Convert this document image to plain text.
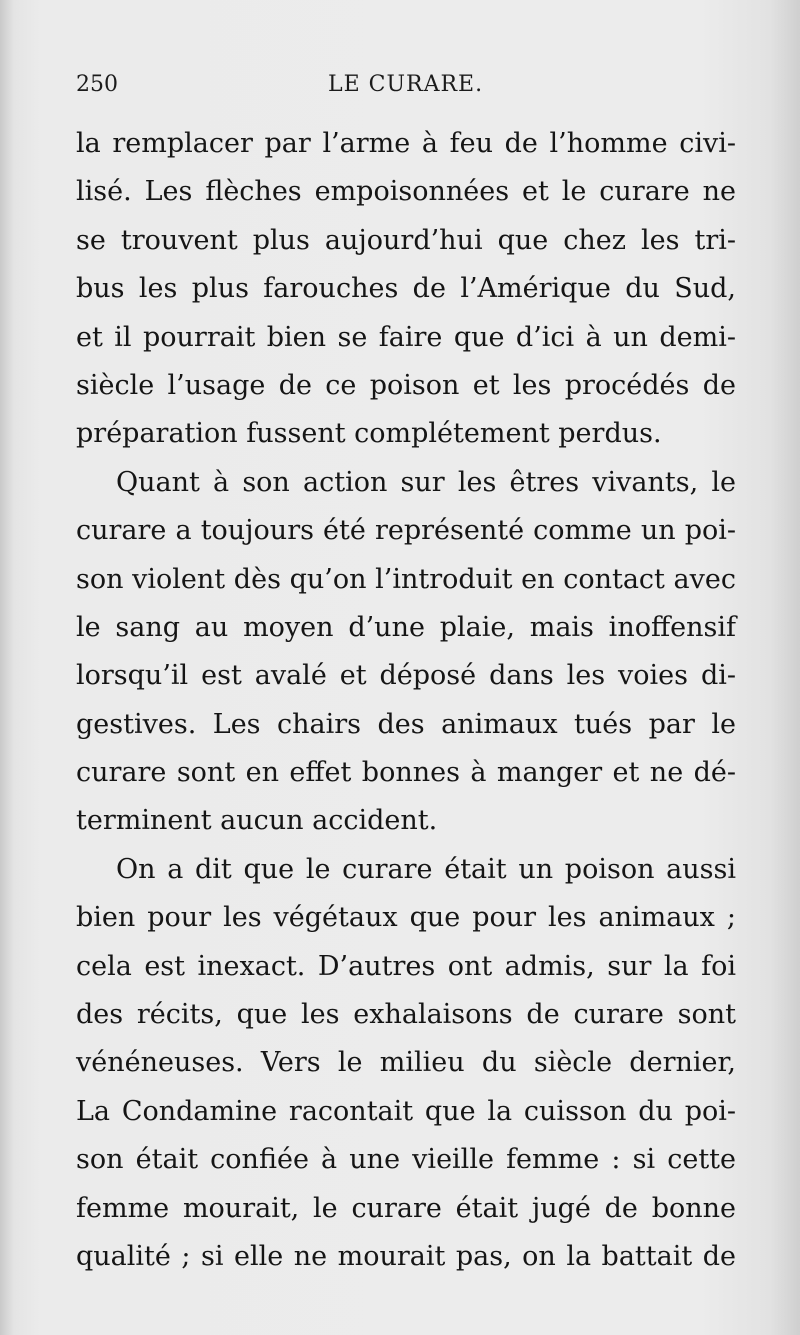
250	LE CURARE.
la remplacer par l’arme à feu de l’homme civi-
lisé. Les flèches empoisonnées et le curare ne
se trouvent plus aujourd’hui que chez les tri-
bus les plus farouches de l’Amérique du Sud,
et il pourrait bien se faire que d’ici à un demi-
siècle l’usage de ce poison et les procédés de
préparation fussent complétement perdus.
Quant à son action sur les êtres vivants, le
curare a toujours été représenté comme un poi-
son violent dès qu’on l’introduit en contact avec
le sang au moyen d’une plaie, mais inoffensif
lorsqu’il est avalé et déposé dans les voies di-
gestives. Les chairs des animaux tués par le
curare sont en effet bonnes à manger et ne dé-
terminent aucun accident.
On a dit que le curare était un poison aussi
bien pour les végétaux que pour les animaux ;
cela est inexact. D’autres ont admis, sur la foi
des récits, que les exhalaisons de curare sont
vénéneuses. Vers le milieu du siècle dernier,
La Condamine racontait que la cuisson du poi-
son était confiée à une vieille femme : si cette
femme mourait, le curare était jugé de bonne
qualité ; si elle ne mourait pas, on la battait de
